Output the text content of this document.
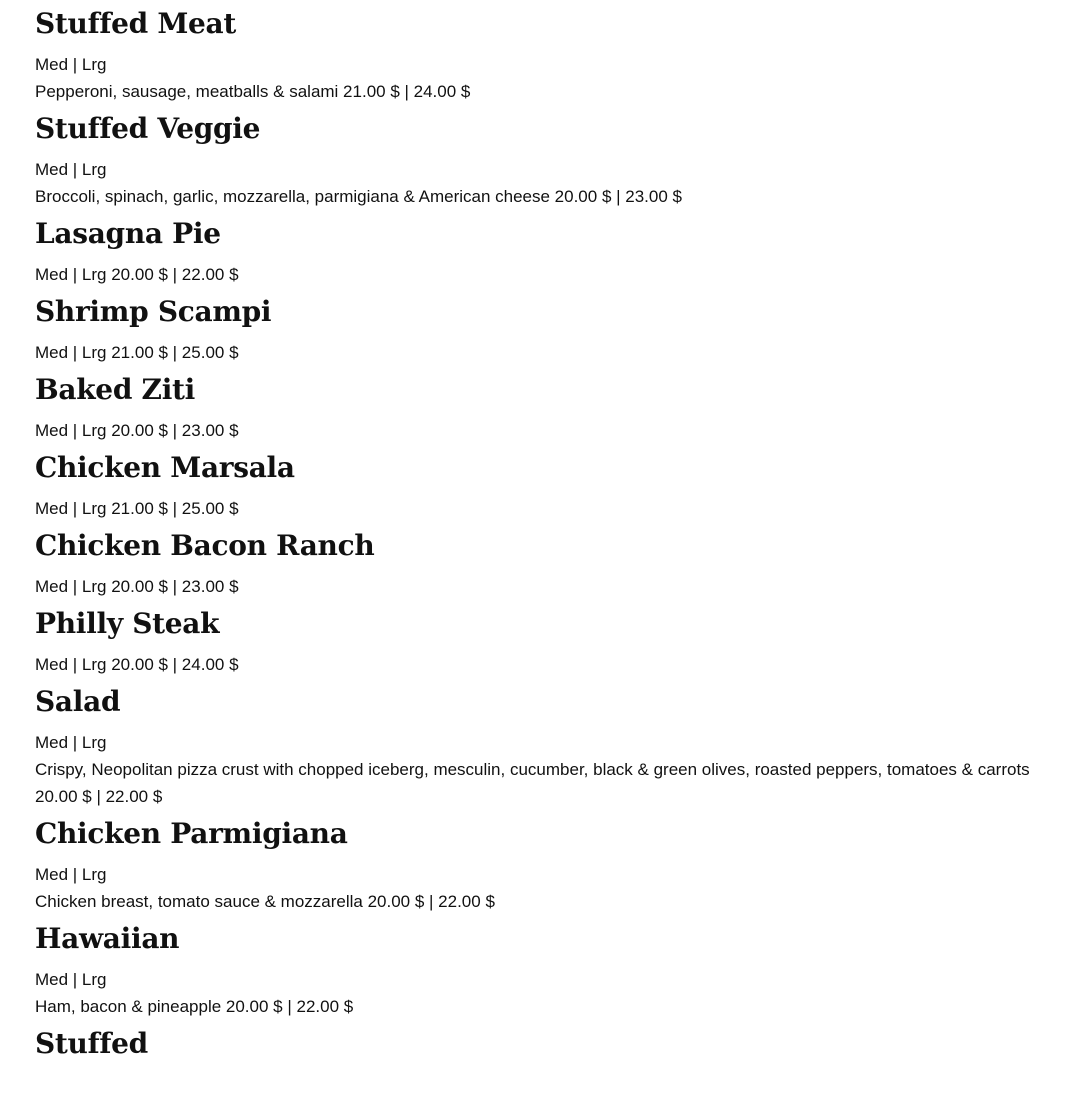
Stuffed Meat

Med | Lrg

Pepperoni, sausage, meatballs & salami 21.00 $ | 24.00 $

Stuffed Veggie

Med | Lrg

Broccoli, spinach, garlic, mozzarella, parmigiana & American cheese 20.00 $ | 23.00 $

Lasagna Pie

Med | Lrg 20.00 $ | 22.00 $

Shrimp Scampi

Med | Lrg 21.00 $ | 25.00 $

Baked Ziti

Med | Lrg 20.00 $ | 23.00 $

Chicken Marsala

Med | Lrg 21.00 $ | 25.00 $

Chicken Bacon Ranch

Med | Lrg 20.00 $ | 23.00 $

Philly Steak

Med | Lrg 20.00 $ | 24.00 $

Salad

Med | Lrg

Crispy, Neopolitan pizza crust with chopped iceberg, mesculin, cucumber, black & green olives, roasted peppers, tomatoes & carrots 20.00 $ | 22.00 $

Chicken Parmigiana

Med | Lrg

Chicken breast, tomato sauce & mozzarella 20.00 $ | 22.00 $

Hawaiian

Med | Lrg

Ham, bacon & pineapple 20.00 $ | 22.00 $

Stuffed
